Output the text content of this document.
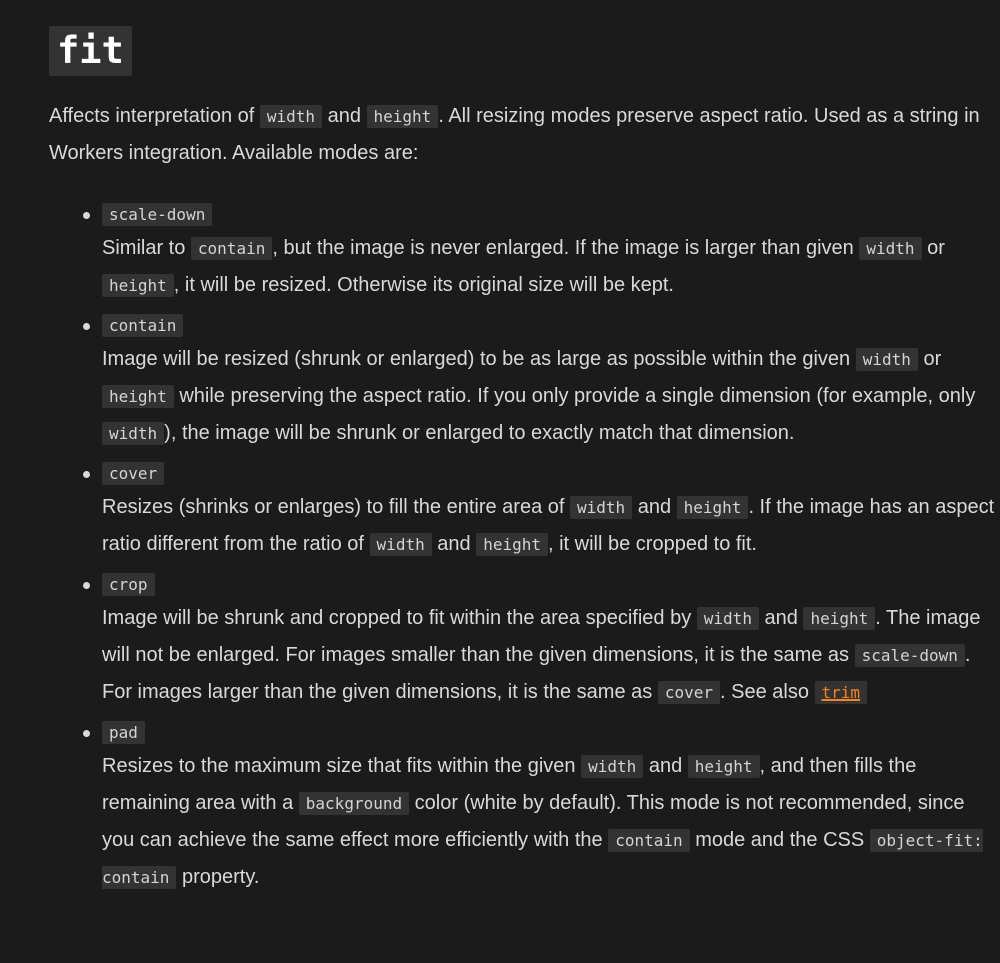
fit

Affects interpretation of width and height . All resizing modes preserve aspect ratio. Used as a string in Workers integration. Available modes are:

scale-down

Similar to contain , but the image is never enlarged. If the image is larger than given width or height , it will be resized. Otherwise its original size will be kept.

contain

Image will be resized (shrunk or enlarged) to be as large as possible within the given width or height while preserving the aspect ratio. If you only provide a single dimension (for example, only width ), the image will be shrunk or enlarged to exactly match that dimension.

cover

Resizes (shrinks or enlarges) to fill the entire area of width and height . If the image has an aspect ratio different from the ratio of width and height , it will be cropped to fit.

crop

Image will be shrunk and cropped to fit within the area specified by width and height . The image will not be enlarged. For images smaller than the given dimensions, it is the same as scale-down . For images larger than the given dimensions, it is the same as cover . See also trim

pad

Resizes to the maximum size that fits within the given width and height , and then fills the remaining area with a background color (white by default). This mode is not recommended, since you can achieve the same effect more efficiently with the contain mode and the CSS object-fit: contain property.
